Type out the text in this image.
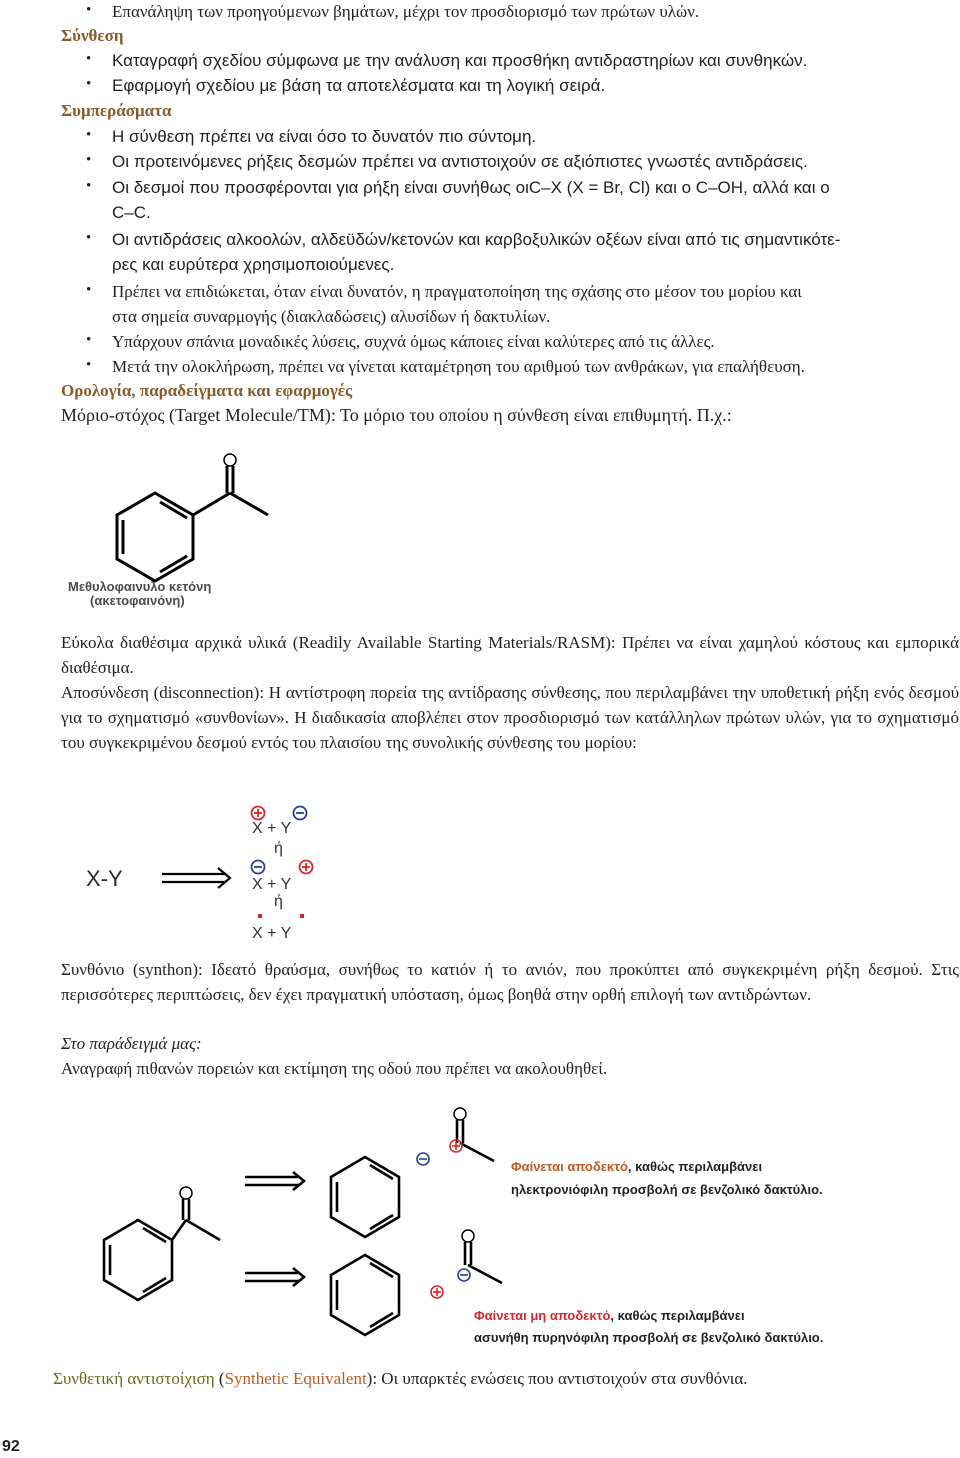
• Επανάληψη των προηγούμενων βημάτων, μέχρι τον προσδιορισμό των πρώτων υλών.
Σύνθεση
• Καταγραφή σχεδίου σύμφωνα με την ανάλυση και προσθήκη αντιδραστηρίων και συνθηκών.
• Εφαρμογή σχεδίου με βάση τα αποτελέσματα και τη λογική σειρά.
Συμπεράσματα
• Η σύνθεση πρέπει να είναι όσο το δυνατόν πιο σύντομη.
• Οι προτεινόμενες ρήξεις δεσμών πρέπει να αντιστοιχούν σε αξιόπιστες γνωστές αντιδράσεις.
• Οι δεσμοί που προσφέρονται για ρήξη είναι συνήθως οιC–X (X = Br, Cl) και ο C–OH, αλλά και ο
C–C.
• Οι αντιδράσεις αλκοολών, αλδεϋδών/κετονών και καρβοξυλικών οξέων είναι από τις σημαντικότε-
ρες και ευρύτερα χρησιμοποιούμενες.
• Πρέπει να επιδιώκεται, όταν είναι δυνατόν, η πραγματοποίηση της σχάσης στο μέσον του μορίου και
στα σημεία συναρμογής (διακλαδώσεις) αλυσίδων ή δακτυλίων.
• Υπάρχουν σπάνια μοναδικές λύσεις, συχνά όμως κάποιες είναι καλύτερες από τις άλλες.
• Μετά την ολοκλήρωση, πρέπει να γίνεται καταμέτρηση του αριθμού των ανθράκων, για επαλήθευση.
Ορολογία, παραδείγματα και εφαρμογές
Μόριο-στόχος (Target Molecule/TM): Το μόριο του οποίου η σύνθεση είναι επιθυμητή. Π.χ.:
Μεθυλοφαινυλο κετόνη
(ακετοφαινόνη)
Εύκολα διαθέσιμα αρχικά υλικά (Readily Available Starting Materials/RASM): Πρέπει να είναι χαμηλού κόστους και εμπορικά διαθέσιμα.
Αποσύνδεση (disconnection): Η αντίστροφη πορεία της αντίδρασης σύνθεσης, που περιλαμβάνει την υποθετική ρήξη ενός δεσμού για το σχηματισμό «συνθονίων». Η διαδικασία αποβλέπει στον προσδιορισμό των κατάλληλων πρώτων υλών, για το σχηματισμό του συγκεκριμένου δεσμού εντός του πλαισίου της συνολικής σύνθεσης του μορίου:
X-Y
X + Y
ή
X + Y
ή
X + Y
Συνθόνιο (synthon): Ιδεατό θραύσμα, συνήθως το κατιόν ή το ανιόν, που προκύπτει από συγκεκριμένη ρήξη δεσμού. Στις περισσότερες περιπτώσεις, δεν έχει πραγματική υπόσταση, όμως βοηθά στην ορθή επιλογή των αντιδρώντων.
Στο παράδειγμά μας:
Αναγραφή πιθανών πορειών και εκτίμηση της οδού που πρέπει να ακολουθηθεί.
Φαίνεται αποδεκτό, καθώς περιλαμβάνει
ηλεκτρονιόφιλη προσβολή σε βενζολικό δακτύλιο.
Φαίνεται μη αποδεκτό, καθώς περιλαμβάνει
ασυνήθη πυρηνόφιλη προσβολή σε βενζολικό δακτύλιο.
Συνθετική αντιστοίχιση (Synthetic Equivalent): Οι υπαρκτές ενώσεις που αντιστοιχούν στα συνθόνια.
92
